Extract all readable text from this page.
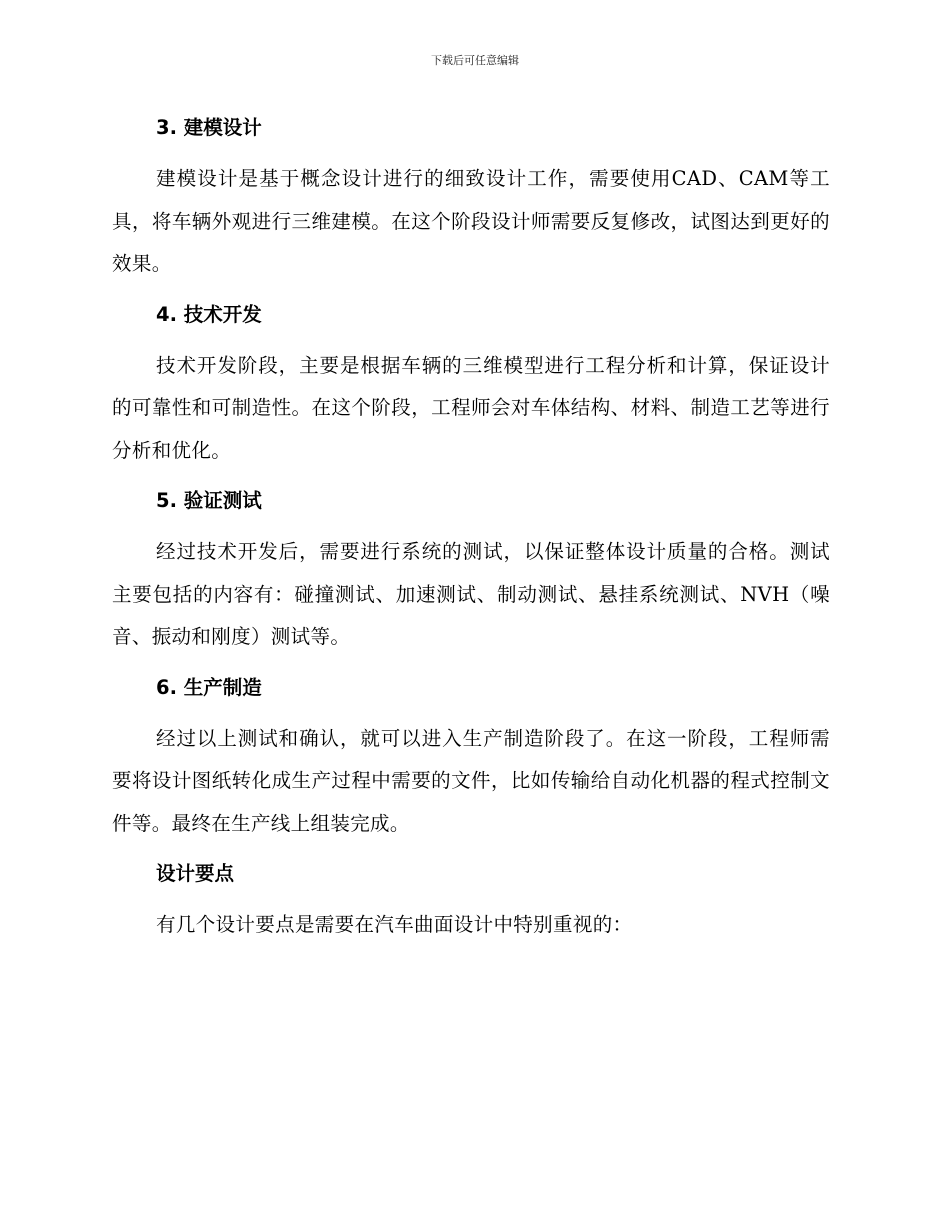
下载后可任意编辑
3. 建模设计

建模设计是基于概念设计进行的细致设计工作，需要使用CAD、CAM等工具，将车辆外观进行三维建模。在这个阶段设计师需要反复修改，试图达到更好的效果。

4. 技术开发

技术开发阶段，主要是根据车辆的三维模型进行工程分析和计算，保证设计的可靠性和可制造性。在这个阶段，工程师会对车体结构、材料、制造工艺等进行分析和优化。

5. 验证测试

经过技术开发后，需要进行系统的测试，以保证整体设计质量的合格。测试主要包括的内容有：碰撞测试、加速测试、制动测试、悬挂系统测试、NVH（噪音、振动和刚度）测试等。

6. 生产制造

经过以上测试和确认，就可以进入生产制造阶段了。在这一阶段，工程师需要将设计图纸转化成生产过程中需要的文件，比如传输给自动化机器的程式控制文件等。最终在生产线上组装完成。

设计要点

有几个设计要点是需要在汽车曲面设计中特别重视的：
